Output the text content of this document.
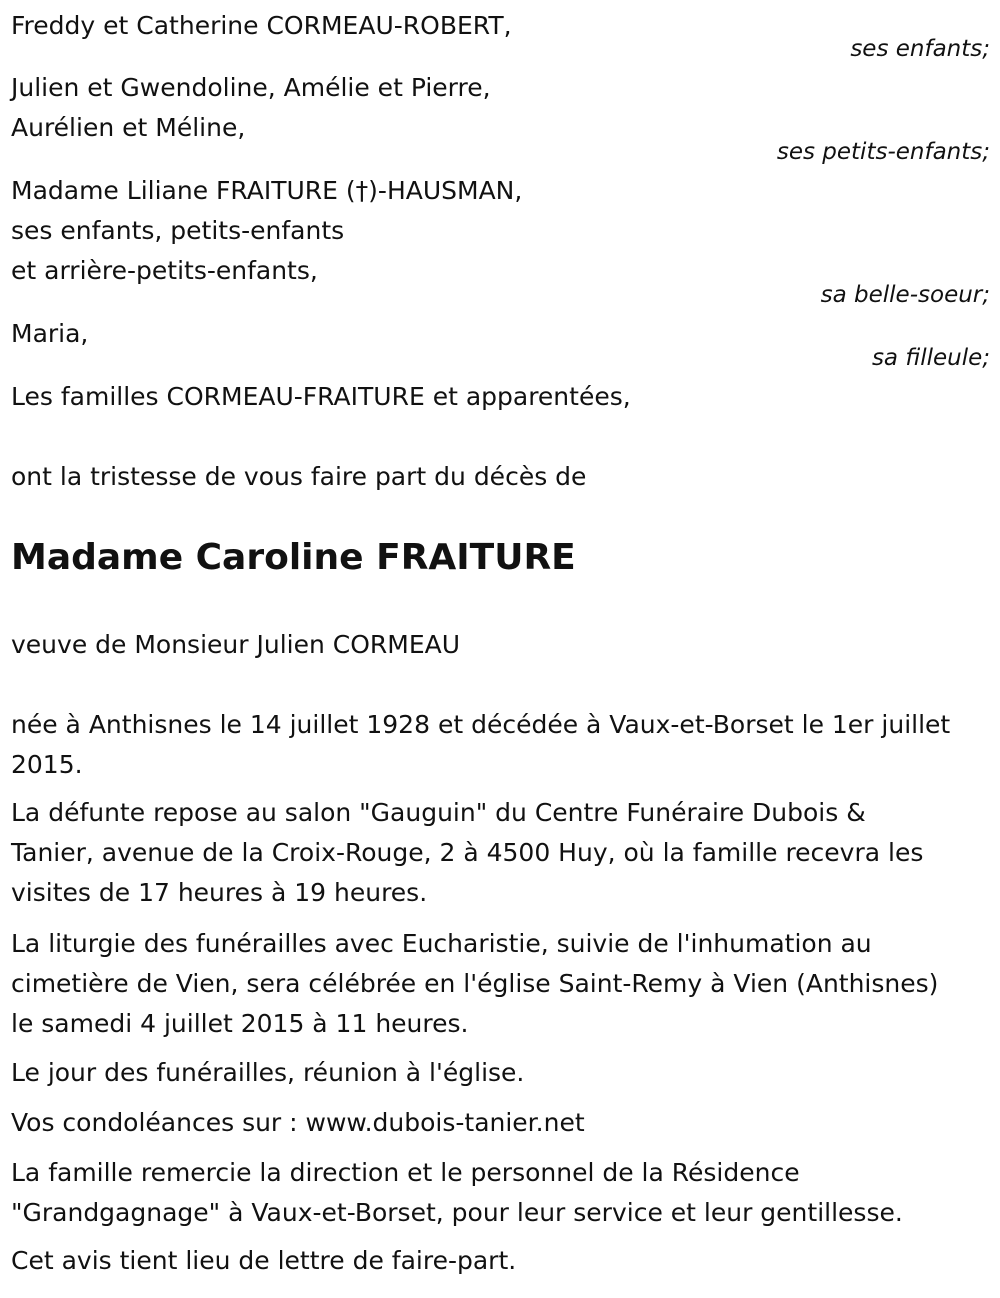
Freddy et Catherine CORMEAU-ROBERT,
ses enfants;
Julien et Gwendoline, Amélie et Pierre,
Aurélien et Méline,
ses petits-enfants;
Madame Liliane FRAITURE (†)-HAUSMAN,
ses enfants, petits-enfants
et arrière-petits-enfants,
sa belle-soeur;
Maria,
sa filleule;
Les familles CORMEAU-FRAITURE et apparentées,
ont la tristesse de vous faire part du décès de
Madame Caroline FRAITURE
veuve de Monsieur Julien CORMEAU
née à Anthisnes le 14 juillet 1928 et décédée à Vaux-et-Borset le 1er juillet
2015.
La défunte repose au salon "Gauguin" du Centre Funéraire Dubois &
Tanier, avenue de la Croix-Rouge, 2 à 4500 Huy, où la famille recevra les
visites de 17 heures à 19 heures.
La liturgie des funérailles avec Eucharistie, suivie de l'inhumation au
cimetière de Vien, sera célébrée en l'église Saint-Remy à Vien (Anthisnes)
le samedi 4 juillet 2015 à 11 heures.
Le jour des funérailles, réunion à l'église.
Vos condoléances sur : www.dubois-tanier.net
La famille remercie la direction et le personnel de la Résidence
"Grandgagnage" à Vaux-et-Borset, pour leur service et leur gentillesse.
Cet avis tient lieu de lettre de faire-part.
